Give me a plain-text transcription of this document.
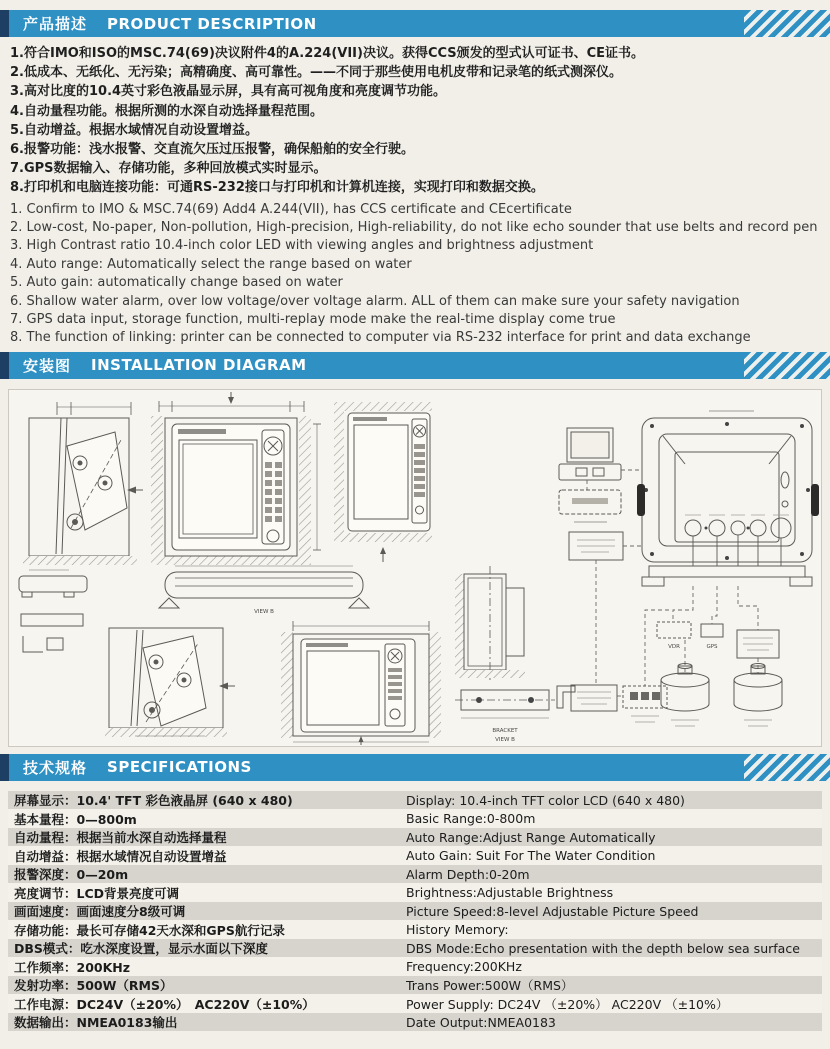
产品描述 PRODUCT DESCRIPTION
1.符合IMO和ISO的MSC.74(69)决议附件4的A.224(VII)决议。获得CCS颁发的型式认可证书、CE证书。
2.低成本、无纸化、无污染；高精确度、高可靠性。——不同于那些使用电机皮带和记录笔的纸式测深仪。
3.高对比度的10.4英寸彩色液晶显示屏，具有高可视角度和亮度调节功能。
4.自动量程功能。根据所测的水深自动选择量程范围。
5.自动增益。根据水域情况自动设置增益。
6.报警功能：浅水报警、交直流欠压过压报警，确保船舶的安全行驶。
7.GPS数据输入、存储功能，多种回放模式实时显示。
8.打印机和电脑连接功能：可通RS-232接口与打印机和计算机连接，实现打印和数据交换。
1. Confirm to IMO & MSC.74(69) Add4 A.244(VII), has CCS certificate and CEcertificate
2. Low-cost, No-paper, Non-pollution, High-precision, High-reliability, do not like echo sounder that use belts and record pen
3. High Contrast ratio 10.4-inch color LED with viewing angles and brightness adjustment
4. Auto range: Automatically select the range based on water
5. Auto gain: automatically change based on water
6. Shallow water alarm, over low voltage/over voltage alarm. ALL of them can make sure your safety navigation
7. GPS data input, storage function, multi-replay mode make the real-time display come true
8. The function of linking: printer can be connected to computer via RS-232 interface for print and data exchange
安装图 INSTALLATION DIAGRAM
VIEW B
BRACKET
VIEW B
VDR	GPS
技术规格 SPECIFICATIONS
屏幕显示：10.4' TFT 彩色液晶屏 (640 x 480)	Display: 10.4-inch TFT color LCD (640 x 480)
基本量程：0—800m	Basic Range:0-800m
自动量程：根据当前水深自动选择量程	Auto Range:Adjust Range Automatically
自动增益：根据水域情况自动设置增益	Auto Gain: Suit For The Water Condition
报警深度：0—20m	Alarm Depth:0-20m
亮度调节：LCD背景亮度可调	Brightness:Adjustable Brightness
画面速度：画面速度分8级可调	Picture Speed:8-level Adjustable Picture Speed
存储功能：最长可存储42天水深和GPS航行记录	History Memory:
DBS模式：吃水深度设置，显示水面以下深度	DBS Mode:Echo presentation with the depth below sea surface
工作频率：200KHz	Frequency:200KHz
发射功率：500W（RMS）	Trans Power:500W（RMS）
工作电源：DC24V（±20%）　AC220V（±10%）	Power Supply: DC24V （±20%） AC220V （±10%）
数据输出：NMEA0183输出	Date Output:NMEA0183
